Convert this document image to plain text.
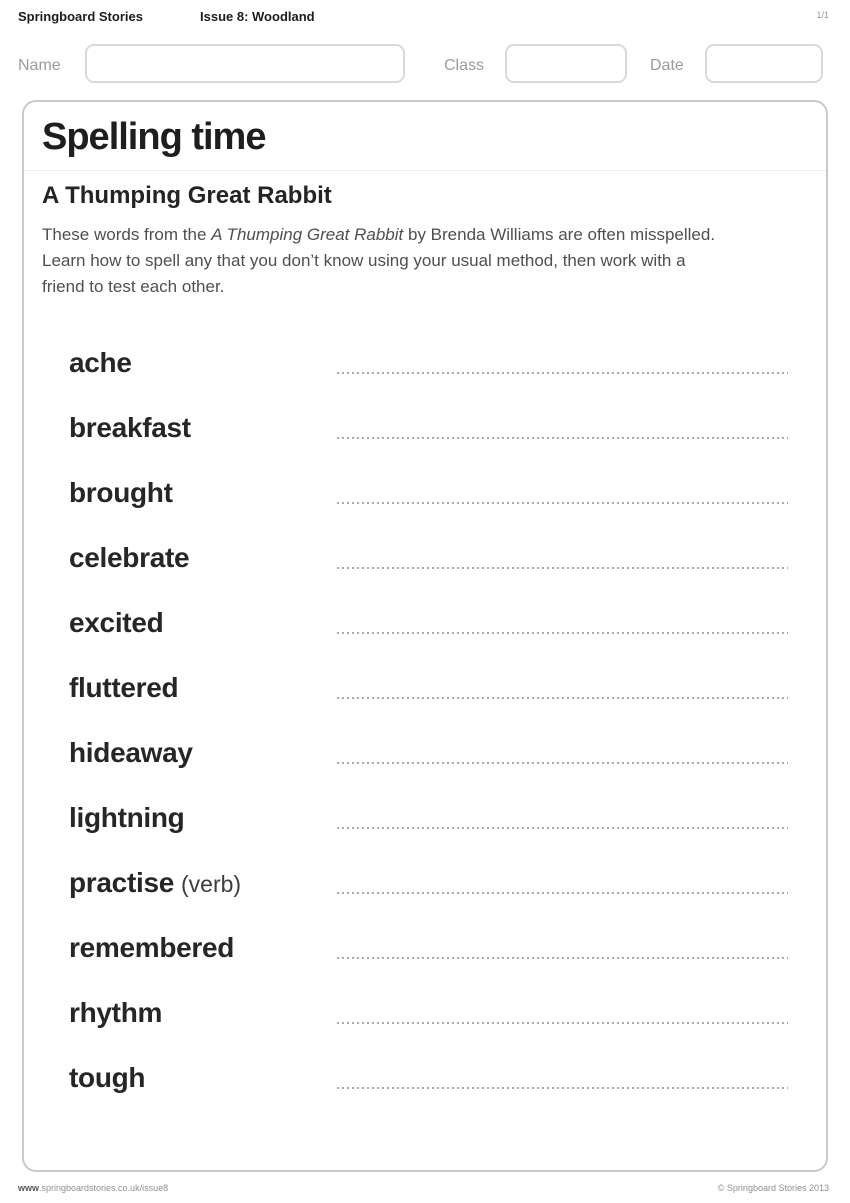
Springboard Stories	Issue 8: Woodland	1/1
Name	Class	Date
Spelling time
A Thumping Great Rabbit
These words from the A Thumping Great Rabbit by Brenda Williams are often misspelled.
Learn how to spell any that you don’t know using your usual method, then work with a
friend to test each other.
ache
breakfast
brought
celebrate
excited
fluttered
hideaway
lightning
practise (verb)
remembered
rhythm
tough
www.springboardstories.co.uk/issue8	© Springboard Stories 2013
